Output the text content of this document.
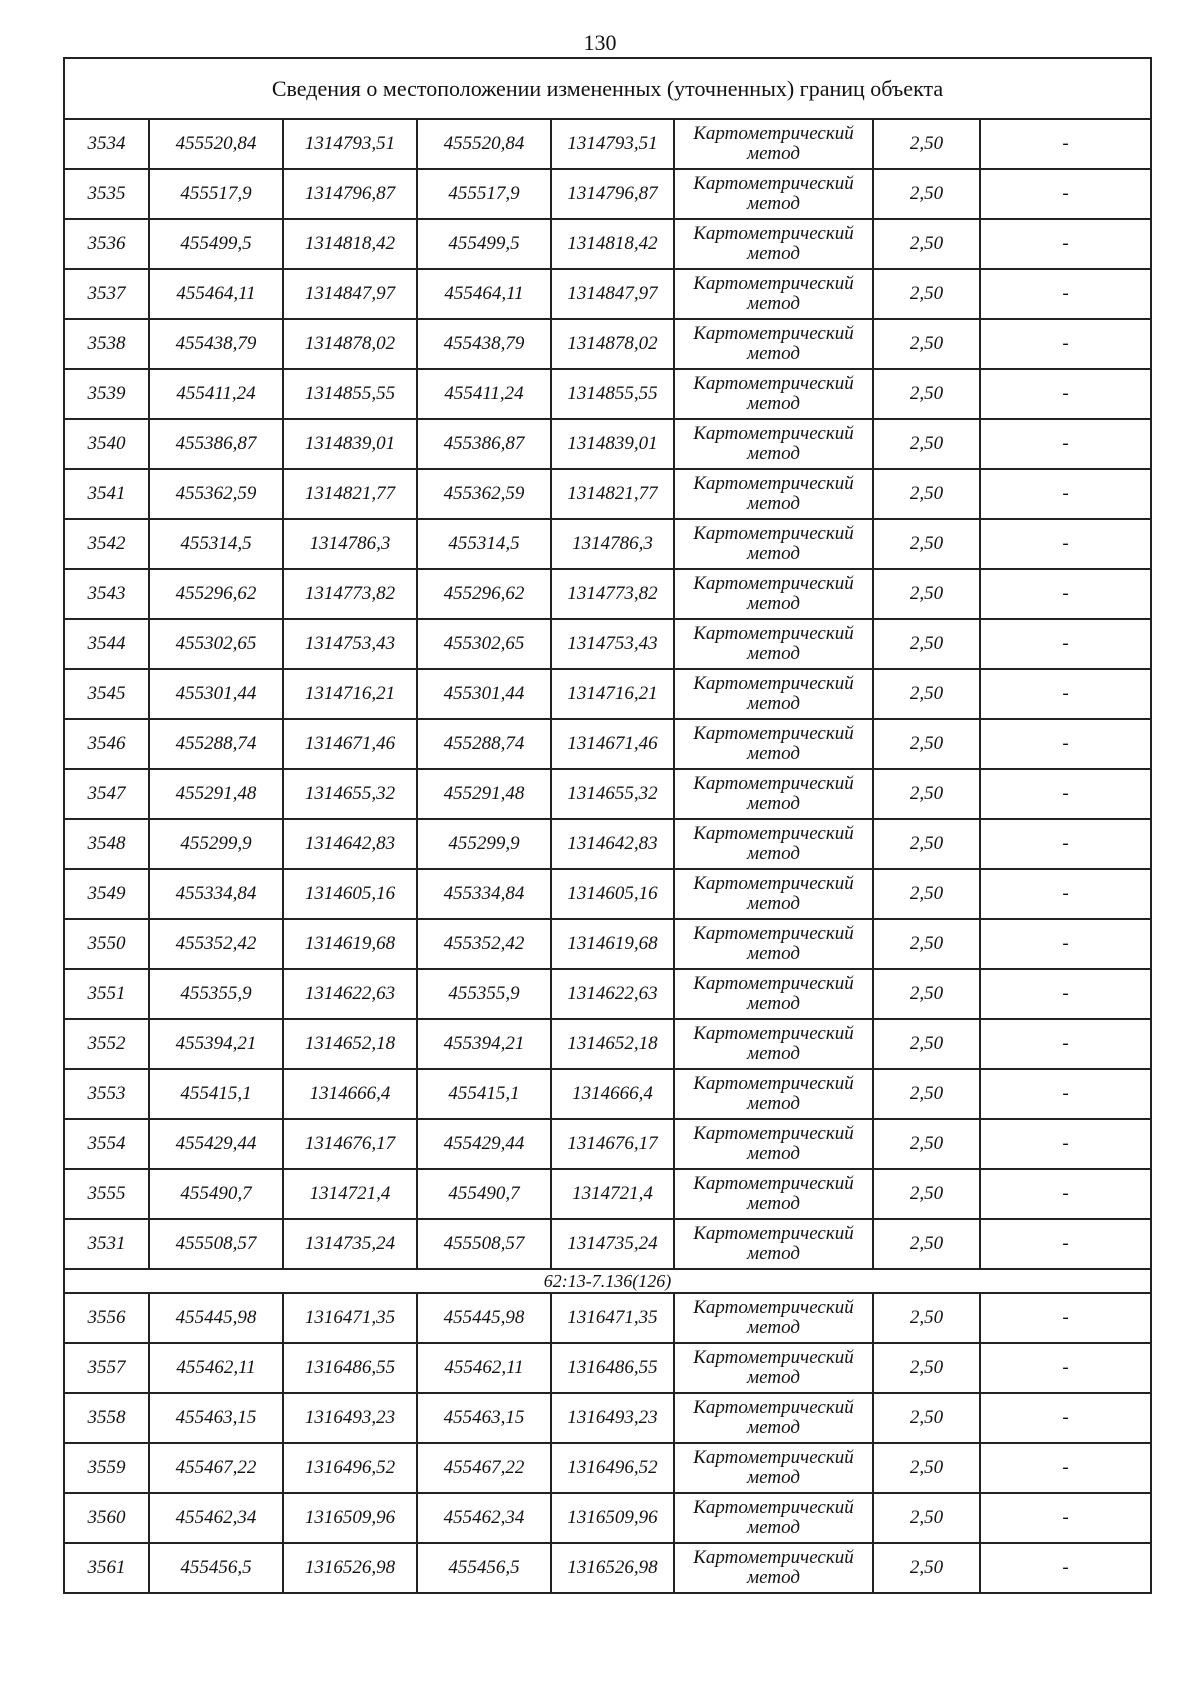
130
Сведения о местоположении измененных (уточненных) границ объекта							
3534	455520,84	1314793,51	455520,84	1314793,51	Картометрический
метод	2,50	-
3535	455517,9	1314796,87	455517,9	1314796,87	Картометрический
метод	2,50	-
3536	455499,5	1314818,42	455499,5	1314818,42	Картометрический
метод	2,50	-
3537	455464,11	1314847,97	455464,11	1314847,97	Картометрический
метод	2,50	-
3538	455438,79	1314878,02	455438,79	1314878,02	Картометрический
метод	2,50	-
3539	455411,24	1314855,55	455411,24	1314855,55	Картометрический
метод	2,50	-
3540	455386,87	1314839,01	455386,87	1314839,01	Картометрический
метод	2,50	-
3541	455362,59	1314821,77	455362,59	1314821,77	Картометрический
метод	2,50	-
3542	455314,5	1314786,3	455314,5	1314786,3	Картометрический
метод	2,50	-
3543	455296,62	1314773,82	455296,62	1314773,82	Картометрический
метод	2,50	-
3544	455302,65	1314753,43	455302,65	1314753,43	Картометрический
метод	2,50	-
3545	455301,44	1314716,21	455301,44	1314716,21	Картометрический
метод	2,50	-
3546	455288,74	1314671,46	455288,74	1314671,46	Картометрический
метод	2,50	-
3547	455291,48	1314655,32	455291,48	1314655,32	Картометрический
метод	2,50	-
3548	455299,9	1314642,83	455299,9	1314642,83	Картометрический
метод	2,50	-
3549	455334,84	1314605,16	455334,84	1314605,16	Картометрический
метод	2,50	-
3550	455352,42	1314619,68	455352,42	1314619,68	Картометрический
метод	2,50	-
3551	455355,9	1314622,63	455355,9	1314622,63	Картометрический
метод	2,50	-
3552	455394,21	1314652,18	455394,21	1314652,18	Картометрический
метод	2,50	-
3553	455415,1	1314666,4	455415,1	1314666,4	Картометрический
метод	2,50	-
3554	455429,44	1314676,17	455429,44	1314676,17	Картометрический
метод	2,50	-
3555	455490,7	1314721,4	455490,7	1314721,4	Картометрический
метод	2,50	-
3531	455508,57	1314735,24	455508,57	1314735,24	Картометрический
метод	2,50	-
62:13-7.136(126)							
3556	455445,98	1316471,35	455445,98	1316471,35	Картометрический
метод	2,50	-
3557	455462,11	1316486,55	455462,11	1316486,55	Картометрический
метод	2,50	-
3558	455463,15	1316493,23	455463,15	1316493,23	Картометрический
метод	2,50	-
3559	455467,22	1316496,52	455467,22	1316496,52	Картометрический
метод	2,50	-
3560	455462,34	1316509,96	455462,34	1316509,96	Картометрический
метод	2,50	-
3561	455456,5	1316526,98	455456,5	1316526,98	Картометрический
метод	2,50	-
